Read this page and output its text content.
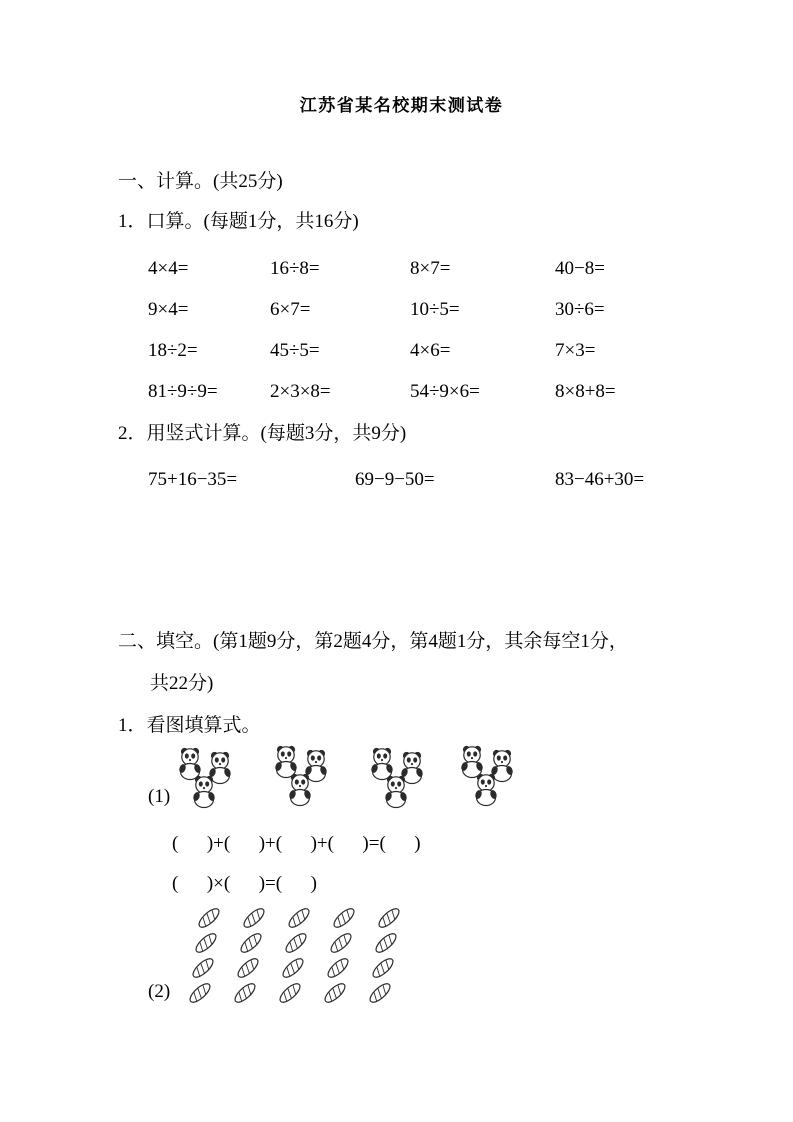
江苏省某名校期末测试卷
一、计算。(共25分)
1．口算。(每题1分，共16分)
4×4=	16÷8=	8×7=	40−8=
9×4=	6×7=	10÷5=	30÷6=
18÷2=	45÷5=	4×6=	7×3=
81÷9÷9=	2×3×8=	54÷9×6=	8×8+8=
2．用竖式计算。(每题3分，共9分)
75+16−35=	69−9−50=	83−46+30=
二、填空。(第1题9分，第2题4分，第4题1分，其余每空1分，
共22分)
1．看图填算式。
(1)
(      )+(      )+(      )+(      )=(      )
(      )×(      )=(      )
(2)
